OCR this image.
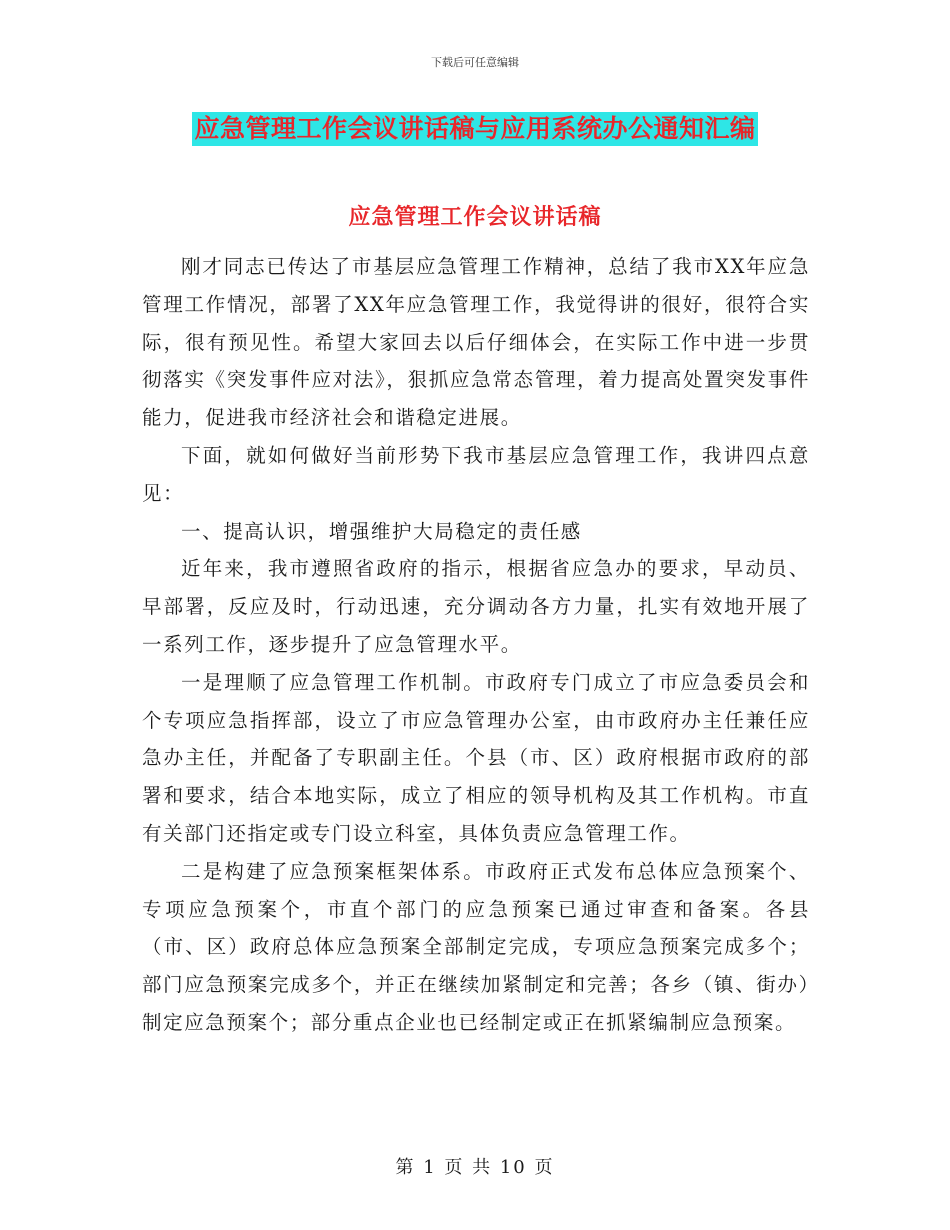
下载后可任意编辑
应急管理工作会议讲话稿与应用系统办公通知汇编
应急管理工作会议讲话稿

刚才同志已传达了市基层应急管理工作精神，总结了我市XX年应急管理工作情况，部署了XX年应急管理工作，我觉得讲的很好，很符合实际，很有预见性。希望大家回去以后仔细体会，在实际工作中进一步贯彻落实《突发事件应对法》，狠抓应急常态管理，着力提高处置突发事件能力，促进我市经济社会和谐稳定进展。

下面，就如何做好当前形势下我市基层应急管理工作，我讲四点意见：

一、提高认识，增强维护大局稳定的责任感

近年来，我市遵照省政府的指示，根据省应急办的要求，早动员、早部署，反应及时，行动迅速，充分调动各方力量，扎实有效地开展了一系列工作，逐步提升了应急管理水平。

一是理顺了应急管理工作机制。市政府专门成立了市应急委员会和个专项应急指挥部，设立了市应急管理办公室，由市政府办主任兼任应急办主任，并配备了专职副主任。个县（市、区）政府根据市政府的部署和要求，结合本地实际，成立了相应的领导机构及其工作机构。市直有关部门还指定或专门设立科室，具体负责应急管理工作。

二是构建了应急预案框架体系。市政府正式发布总体应急预案个、专项应急预案个，市直个部门的应急预案已通过审查和备案。各县（市、区）政府总体应急预案全部制定完成，专项应急预案完成多个；部门应急预案完成多个，并正在继续加紧制定和完善；各乡（镇、街办）制定应急预案个；部分重点企业也已经制定或正在抓紧编制应急预案。

第 1 页 共 10 页
